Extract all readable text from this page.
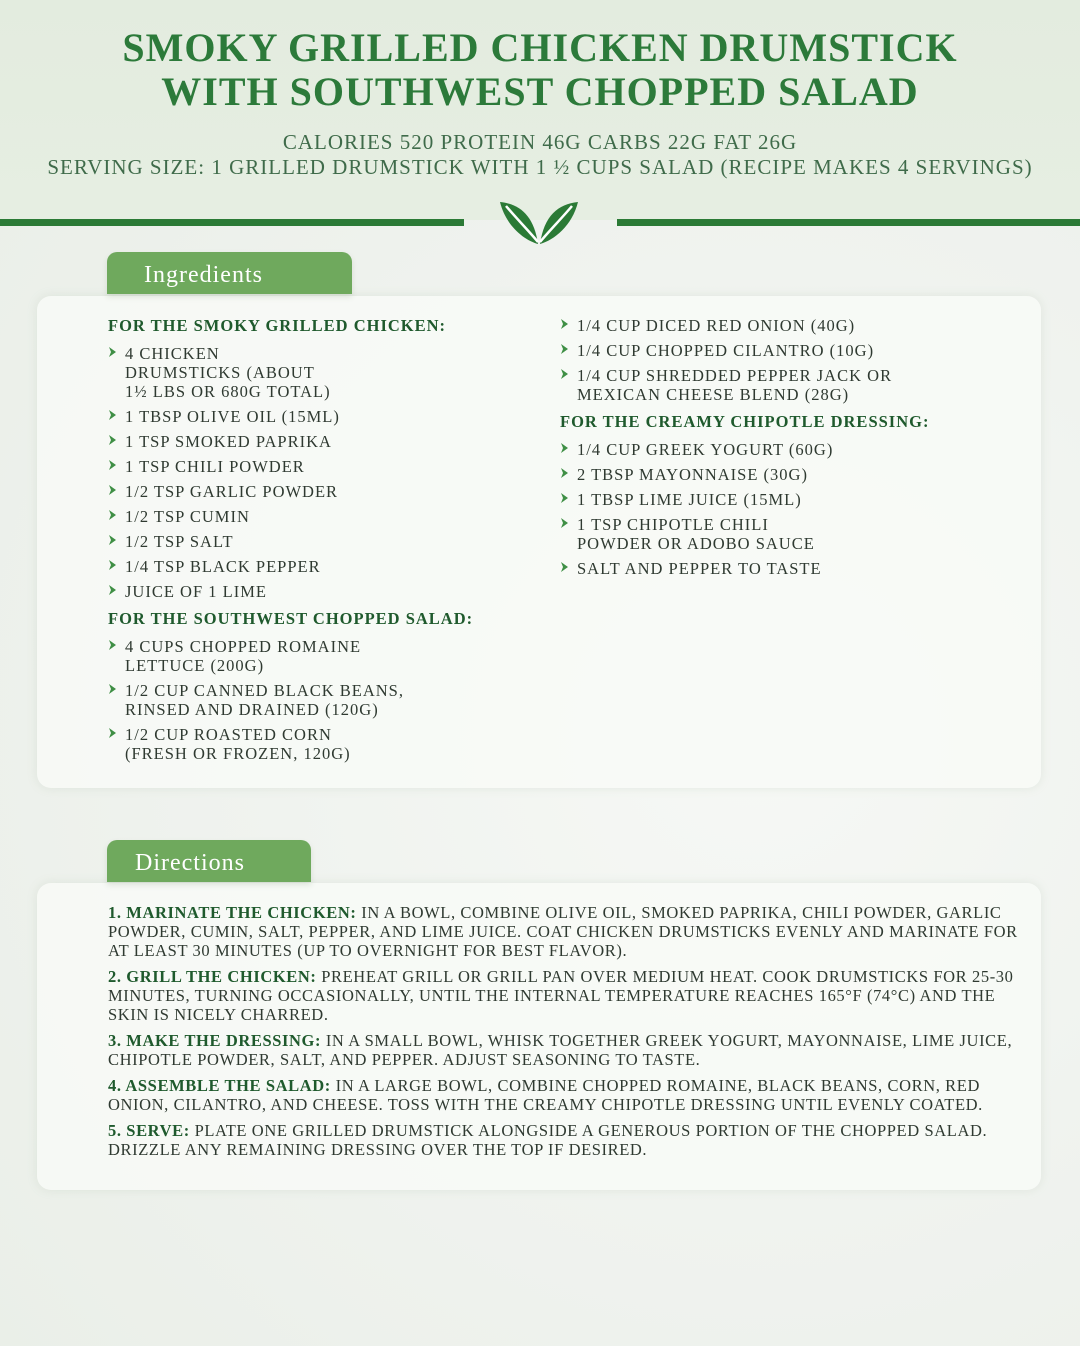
SMOKY GRILLED CHICKEN DRUMSTICK
WITH SOUTHWEST CHOPPED SALAD
CALORIES 520 PROTEIN 46G CARBS 22G FAT 26G
SERVING SIZE: 1 GRILLED DRUMSTICK WITH 1 ½ CUPS SALAD (RECIPE MAKES 4 SERVINGS)
Ingredients
FOR THE SMOKY GRILLED CHICKEN:
4 CHICKEN DRUMSTICKS (ABOUT 1½ LBS OR 680G TOTAL)
1 TBSP OLIVE OIL (15ML)
1 TSP SMOKED PAPRIKA
1 TSP CHILI POWDER
1/2 TSP GARLIC POWDER
1/2 TSP CUMIN
1/2 TSP SALT
1/4 TSP BLACK PEPPER
JUICE OF 1 LIME
FOR THE SOUTHWEST CHOPPED SALAD:
4 CUPS CHOPPED ROMAINE LETTUCE (200G)
1/2 CUP CANNED BLACK BEANS, RINSED AND DRAINED (120G)
1/2 CUP ROASTED CORN (FRESH OR FROZEN, 120G)
1/4 CUP DICED RED ONION (40G)
1/4 CUP CHOPPED CILANTRO (10G)
1/4 CUP SHREDDED PEPPER JACK OR MEXICAN CHEESE BLEND (28G)
FOR THE CREAMY CHIPOTLE DRESSING:
1/4 CUP GREEK YOGURT (60G)
2 TBSP MAYONNAISE (30G)
1 TBSP LIME JUICE (15ML)
1 TSP CHIPOTLE CHILI POWDER OR ADOBO SAUCE
SALT AND PEPPER TO TASTE
Directions
1. MARINATE THE CHICKEN: IN A BOWL, COMBINE OLIVE OIL, SMOKED PAPRIKA, CHILI POWDER, GARLIC POWDER, CUMIN, SALT, PEPPER, AND LIME JUICE. COAT CHICKEN DRUMSTICKS EVENLY AND MARINATE FOR AT LEAST 30 MINUTES (UP TO OVERNIGHT FOR BEST FLAVOR).
2. GRILL THE CHICKEN: PREHEAT GRILL OR GRILL PAN OVER MEDIUM HEAT. COOK DRUMSTICKS FOR 25-30 MINUTES, TURNING OCCASIONALLY, UNTIL THE INTERNAL TEMPERATURE REACHES 165°F (74°C) AND THE SKIN IS NICELY CHARRED.
3. MAKE THE DRESSING: IN A SMALL BOWL, WHISK TOGETHER GREEK YOGURT, MAYONNAISE, LIME JUICE, CHIPOTLE POWDER, SALT, AND PEPPER. ADJUST SEASONING TO TASTE.
4. ASSEMBLE THE SALAD: IN A LARGE BOWL, COMBINE CHOPPED ROMAINE, BLACK BEANS, CORN, RED ONION, CILANTRO, AND CHEESE. TOSS WITH THE CREAMY CHIPOTLE DRESSING UNTIL EVENLY COATED.
5. SERVE: PLATE ONE GRILLED DRUMSTICK ALONGSIDE A GENEROUS PORTION OF THE CHOPPED SALAD. DRIZZLE ANY REMAINING DRESSING OVER THE TOP IF DESIRED.
